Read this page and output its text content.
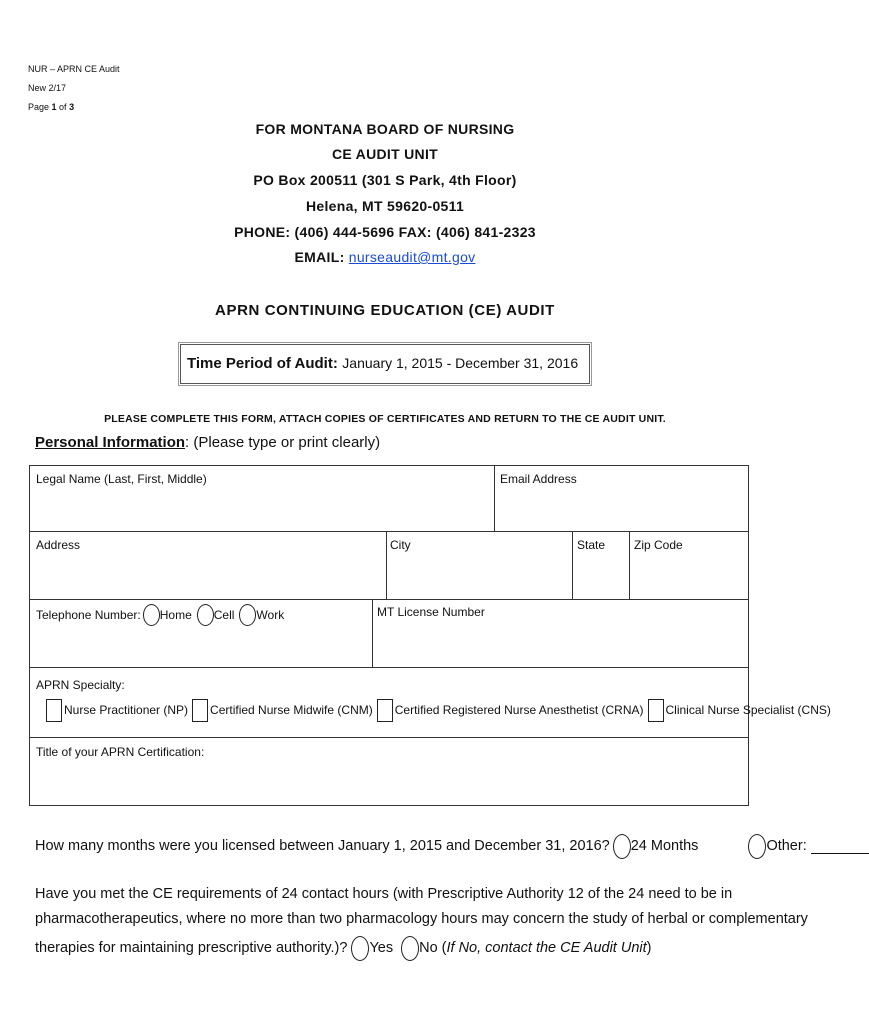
NUR – APRN CE Audit
New 2/17
Page 1 of 3
FOR MONTANA BOARD OF NURSING
CE AUDIT UNIT
PO Box 200511 (301 S Park, 4th Floor)
Helena, MT 59620-0511
PHONE: (406) 444-5696 FAX: (406) 841-2323
EMAIL: nurseaudit@mt.gov
APRN CONTINUING EDUCATION (CE) AUDIT
Time Period of Audit: January 1, 2015 - December 31, 2016
PLEASE COMPLETE THIS FORM, ATTACH COPIES OF CERTIFICATES AND RETURN TO THE CE AUDIT UNIT.
Personal Information: (Please type or print clearly)
Legal Name (Last, First, Middle)	Email Address
Address	City	State Zip Code
Telephone Number: Home Cell Work	MT License Number
APRN Specialty:
Nurse Practitioner (NP) Certified Nurse Midwife (CNM) Certified Registered Nurse Anesthetist (CRNA) Clinical Nurse Specialist (CNS)
Title of your APRN Certification:
How many months were you licensed between January 1, 2015 and December 31, 2016? 24 Months	Other:
Have you met the CE requirements of 24 contact hours (with Prescriptive Authority 12 of the 24 need to be in
pharmacotherapeutics, where no more than two pharmacology hours may concern the study of herbal or complementary
therapies for maintaining prescriptive authority.)? Yes No ( If No, contact the CE Audit Unit )
